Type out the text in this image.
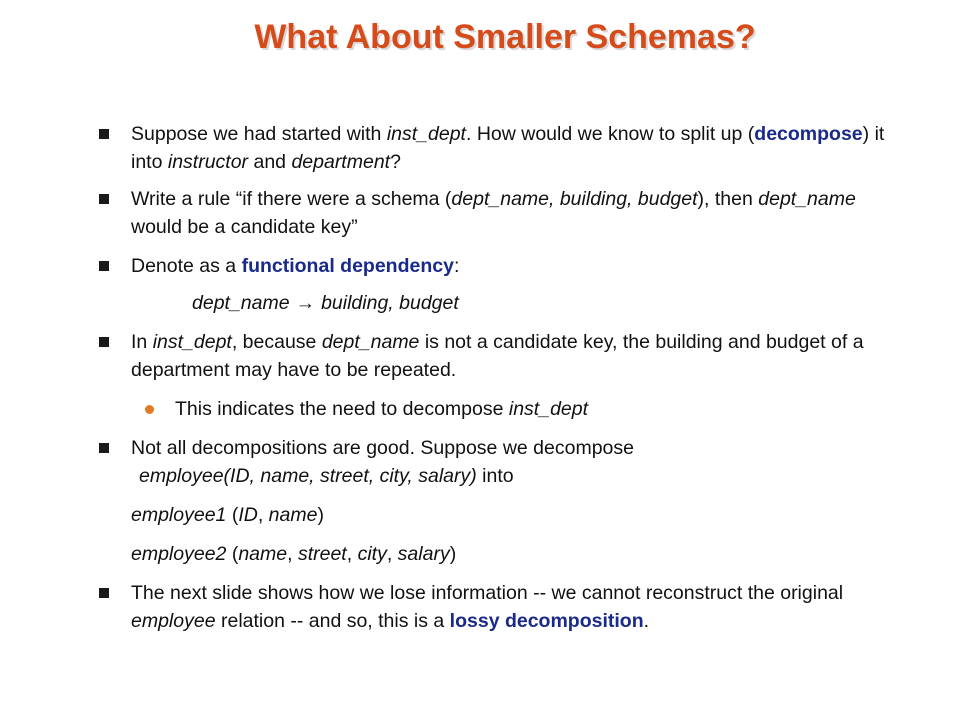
What About Smaller Schemas?
Suppose we had started with inst_dept. How would we know to split up (decompose) it into instructor and department?
Write a rule “if there were a schema (dept_name, building, budget), then dept_name would be a candidate key”
Denote as a functional dependency:
dept_name → building, budget
In inst_dept, because dept_name is not a candidate key, the building and budget of a department may have to be repeated.
This indicates the need to decompose inst_dept
Not all decompositions are good. Suppose we decompose
employee(ID, name, street, city, salary) into
employee1 (ID, name)
employee2 (name, street, city, salary)
The next slide shows how we lose information -- we cannot reconstruct the original employee relation -- and so, this is a lossy decomposition.
